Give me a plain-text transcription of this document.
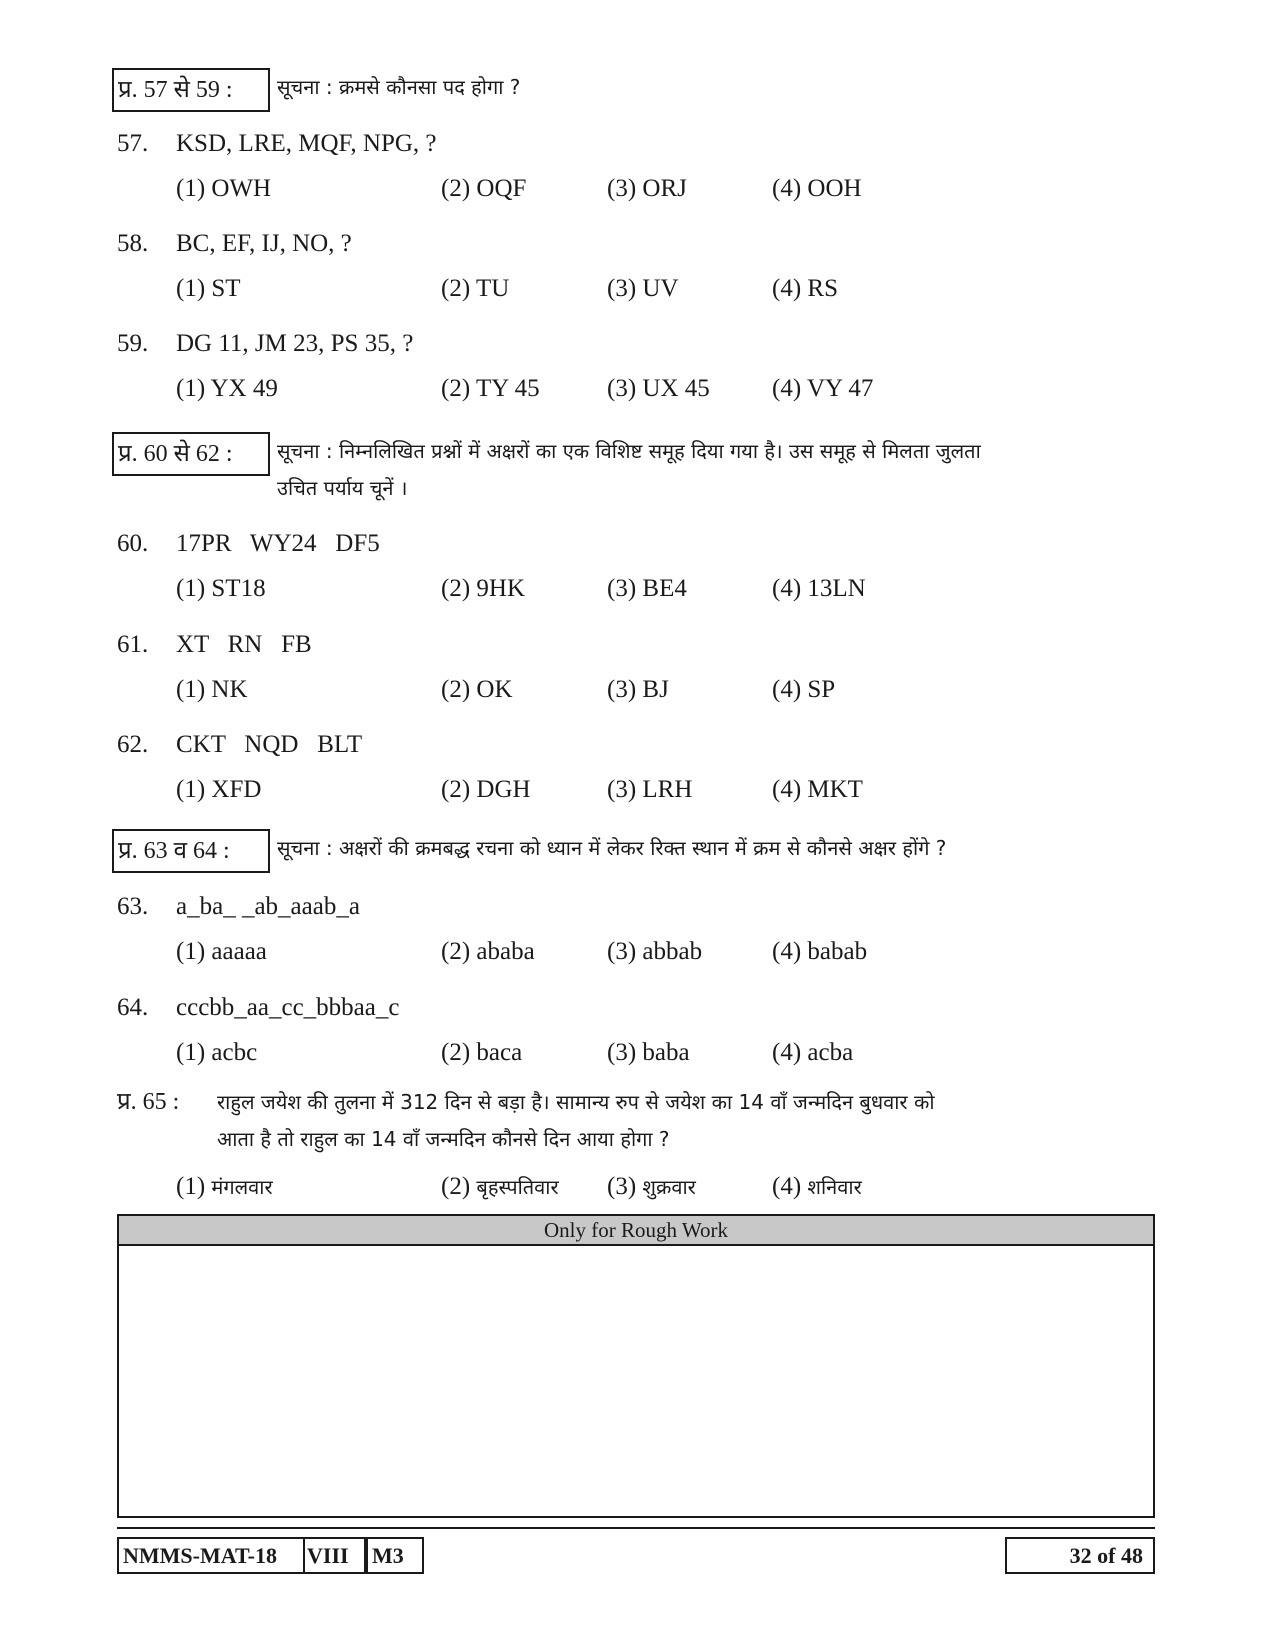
प्र. 57 से 59 :	सूचना : क्रमसे कौनसा पद होगा ?
57. KSD, LRE, MQF, NPG, ?
(1) OWH	(2) OQF	(3) ORJ	(4) OOH
58. BC, EF, IJ, NO, ?
(1) ST	(2) TU	(3) UV	(4) RS
59. DG 11, JM 23, PS 35, ?
(1) YX 49	(2) TY 45	(3) UX 45 (4) VY 47
प्र. 60 से 62 :	सूचना : निम्नलिखित प्रश्नों में अक्षरों का एक विशिष्ट समूह दिया गया है। उस समूह से मिलता जुलता
उचित पर्याय चूनें ।
60. 17PR   WY24   DF5
(1) ST18	(2) 9HK	(3) BE4	(4) 13LN
61. XT   RN   FB
(1) NK	(2) OK	(3) BJ	(4) SP
62. CKT   NQD   BLT
(1) XFD	(2) DGH	(3) LRH	(4) MKT
प्र. 63 व 64 :	सूचना : अक्षरों की क्रमबद्ध रचना को ध्यान में लेकर रिक्त स्थान में क्रम से कौनसे अक्षर होंगे ?
63. a_ba_ _ab_aaab_a
(1) aaaaa	(2) ababa	(3) abbab	(4) babab
64. cccbb_aa_cc_bbbaa_c
(1) acbc	(2) baca	(3) baba	(4) acba
प्र. 65 : राहुल जयेश की तुलना में 312 दिन से बड़ा है। सामान्य रुप से जयेश का 14 वाँ जन्मदिन बुधवार को
आता है तो राहुल का 14 वाँ जन्मदिन कौनसे दिन आया होगा ?
(1) मंगलवार	(2) बृहस्पतिवार (3) शुक्रवार	(4) शनिवार
Only for Rough Work
NMMS-MAT-18	VIII	M3	32 of 48
